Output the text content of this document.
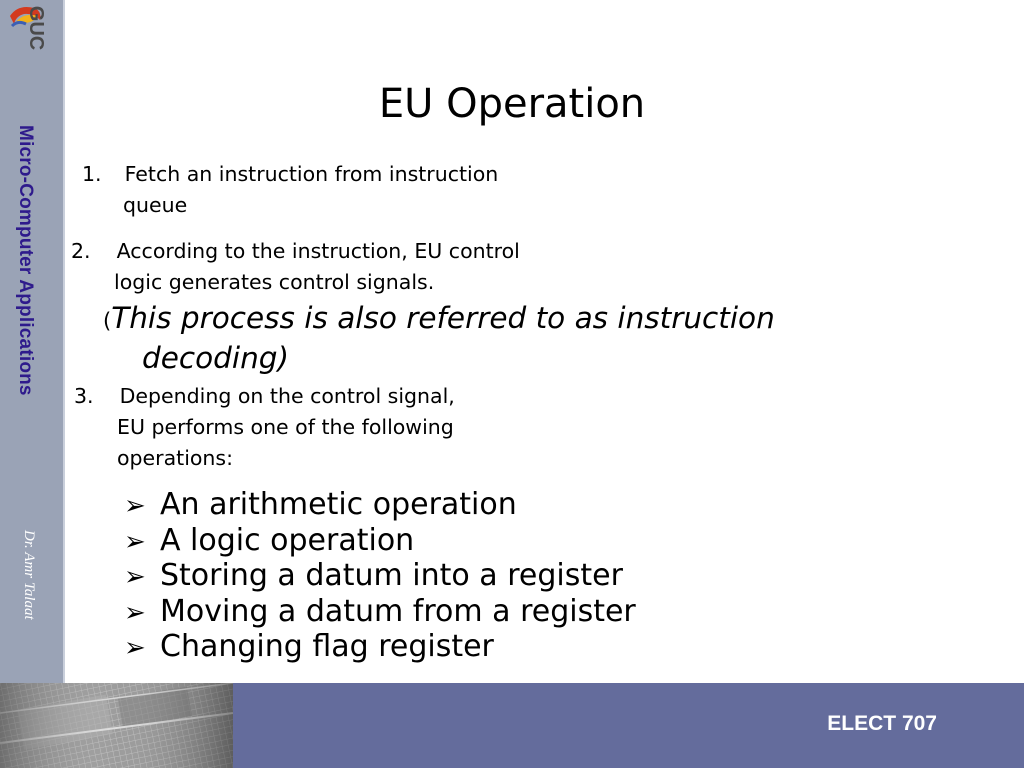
GUC
Micro-Computer Applications
Dr. Amr Talaat
ELECT 707
EU Operation
1. Fetch an instruction from instruction
queue
2. According to the instruction, EU control
logic generates control signals.
(This process is also referred to as instruction
decoding)
3. Depending on the control signal,
EU performs one of the following
operations:
➢ An arithmetic operation
➢ A logic operation
➢ Storing a datum into a register
➢ Moving a datum from a register
➢ Changing flag register
